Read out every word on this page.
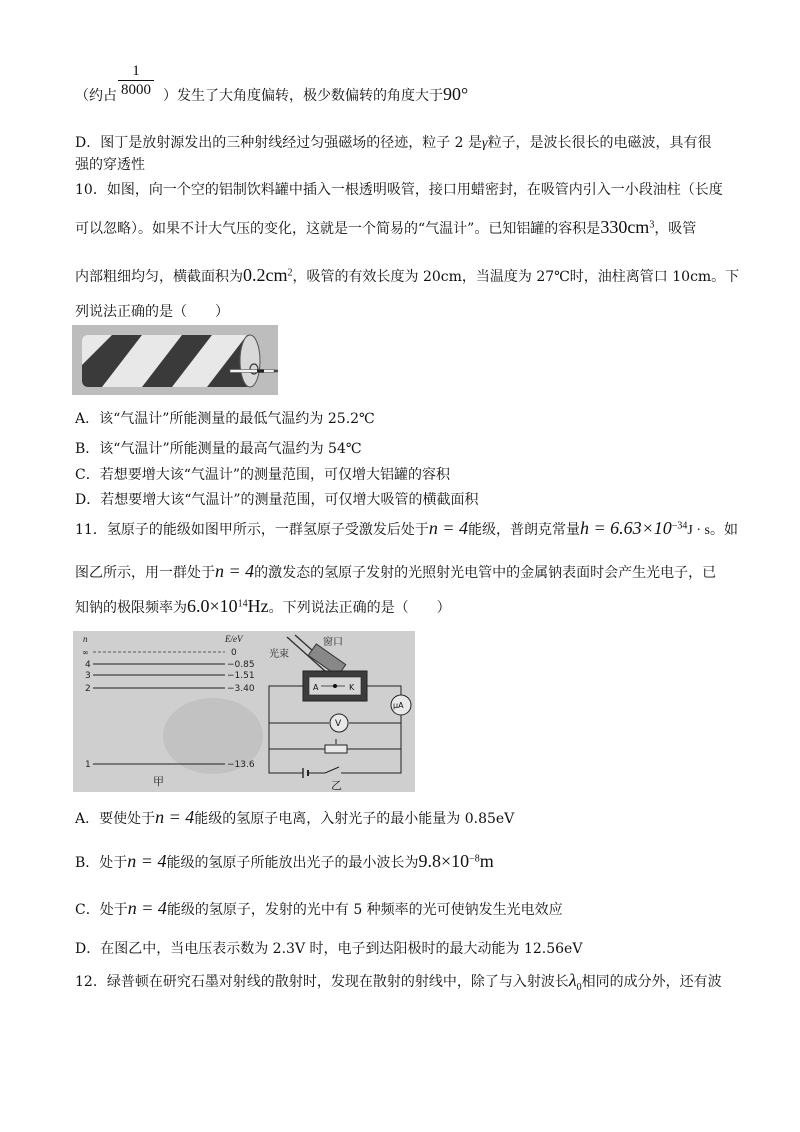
（约占	）发生了大角度偏转，极少数偏转的角度大于90°
$\frac{1}{8000}$
D．图丁是放射源发出的三种射线经过匀强磁场的径迹，粒子 2 是γ粒子，是波长很长的电磁波，具有很
强的穿透性
10．如图，向一个空的铝制饮料罐中插入一根透明吸管，接口用蜡密封，在吸管内引入一小段油柱（长度
可以忽略）。如果不计大气压的变化，这就是一个简易的“气温计”。已知铝罐的容积是$330cm^3$，吸管
内部粗细均匀，横截面积为$0.2cm^2$，吸管的有效长度为 20cm，当温度为 27℃时，油柱离管口 10cm。下
列说法正确的是（　　）
A．该“气温计”所能测量的最低气温约为 25.2℃
B．该“气温计”所能测量的最高气温约为 54℃
C．若想要增大该“气温计”的测量范围，可仅增大铝罐的容积
D．若想要增大该“气温计”的测量范围，可仅增大吸管的横截面积
11．氢原子的能级如图甲所示，一群氢原子受激发后处于n = 4能级，普朗克常量$h = 6.63\times 10^{-34}J \cdot s$。如
图乙所示，用一群处于n = 4的激发态的氢原子发射的光照射光电管中的金属钠表面时会产生光电子，已
知钠的极限频率为$6.0\times 10^{14}Hz$。下列说法正确的是（　　）
n	E/eV
∞	0
4	−0.85
3	−1.51
2	−3.40
1	−13.6
甲
光束
窗口
A	K
V
μA
乙
A．要使处于n = 4能级的氢原子电离，入射光子的最小能量为 0.85eV
B．处于n = 4能级的氢原子所能放出光子的最小波长为$9.8\times 10^{-8}m$
C．处于n = 4能级的氢原子，发射的光中有 5 种频率的光可使钠发生光电效应
D．在图乙中，当电压表示数为 2.3V 时，电子到达阳极时的最大动能为 12.56eV
12．绿普顿在研究石墨对射线的散射时，发现在散射的射线中，除了与入射波长$\lambda_0$相同的成分外，还有波
